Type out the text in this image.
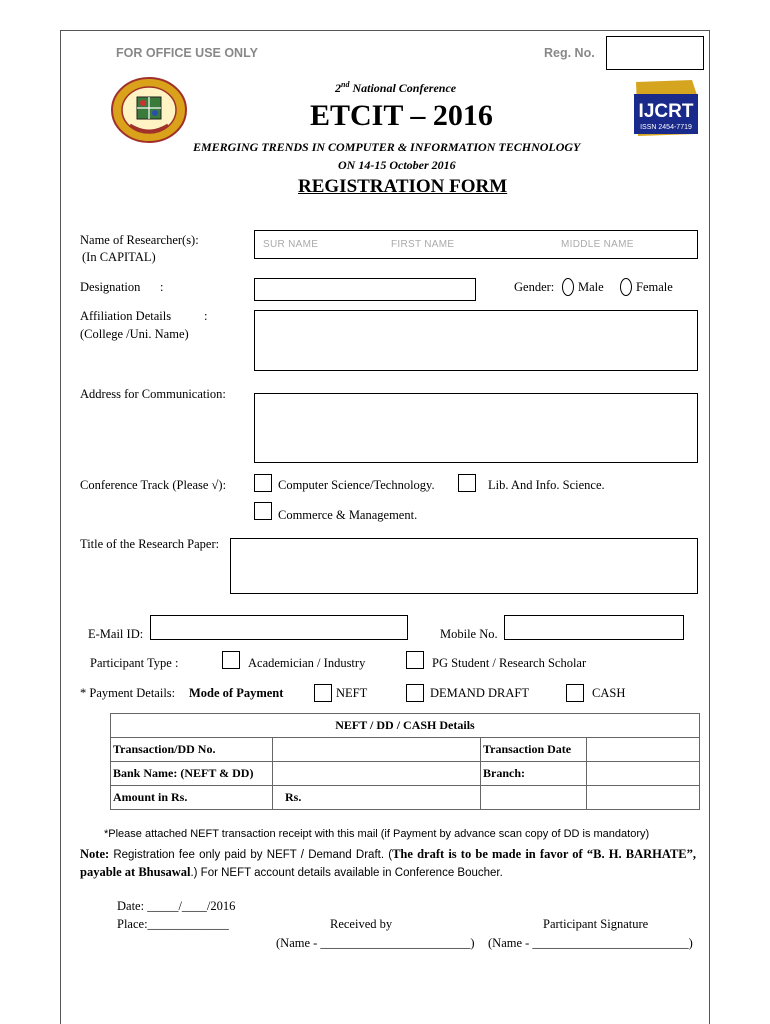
FOR OFFICE USE ONLY	Reg. No.
IJCRT
ISSN 2454-7719
2nd National Conference
ETCIT – 2016
EMERGING TRENDS IN COMPUTER & INFORMATION TECHNOLOGY
ON 14-15 October 2016
REGISTRATION FORM
Name of Researcher(s):
(In CAPITAL)
SUR NAME	FIRST NAME	MIDDLE NAME
Designation :	Gender: Male	Female
Affiliation Details	:
(College /Uni. Name)
Address for Communication:
Conference Track (Please √):	Computer Science/Technology.	Lib. And Info. Science.
Commerce & Management.
Title of the Research Paper:
E-Mail ID:	Mobile No.
Participant Type :	Academician / Industry	PG Student / Research Scholar
* Payment Details: Mode of Payment	NEFT	DEMAND DRAFT	CASH
NEFT / DD / CASH Details			
Transaction/DD No.		Transaction Date	
Bank Name: (NEFT & DD)		Branch:	
Amount in Rs.	Rs.		
*Please attached NEFT transaction receipt with this mail (if Payment by advance scan copy of DD is mandatory)
Note: Registration fee only paid by NEFT / Demand Draft. (The draft is to be made in favor of “B. H. BARHATE”, payable at Bhusawal.) For NEFT account details available in Conference Boucher.
Date: _____/____/2016
Place:_____________	Received by	Participant Signature
(Name - ________________________) (Name - _________________________)
